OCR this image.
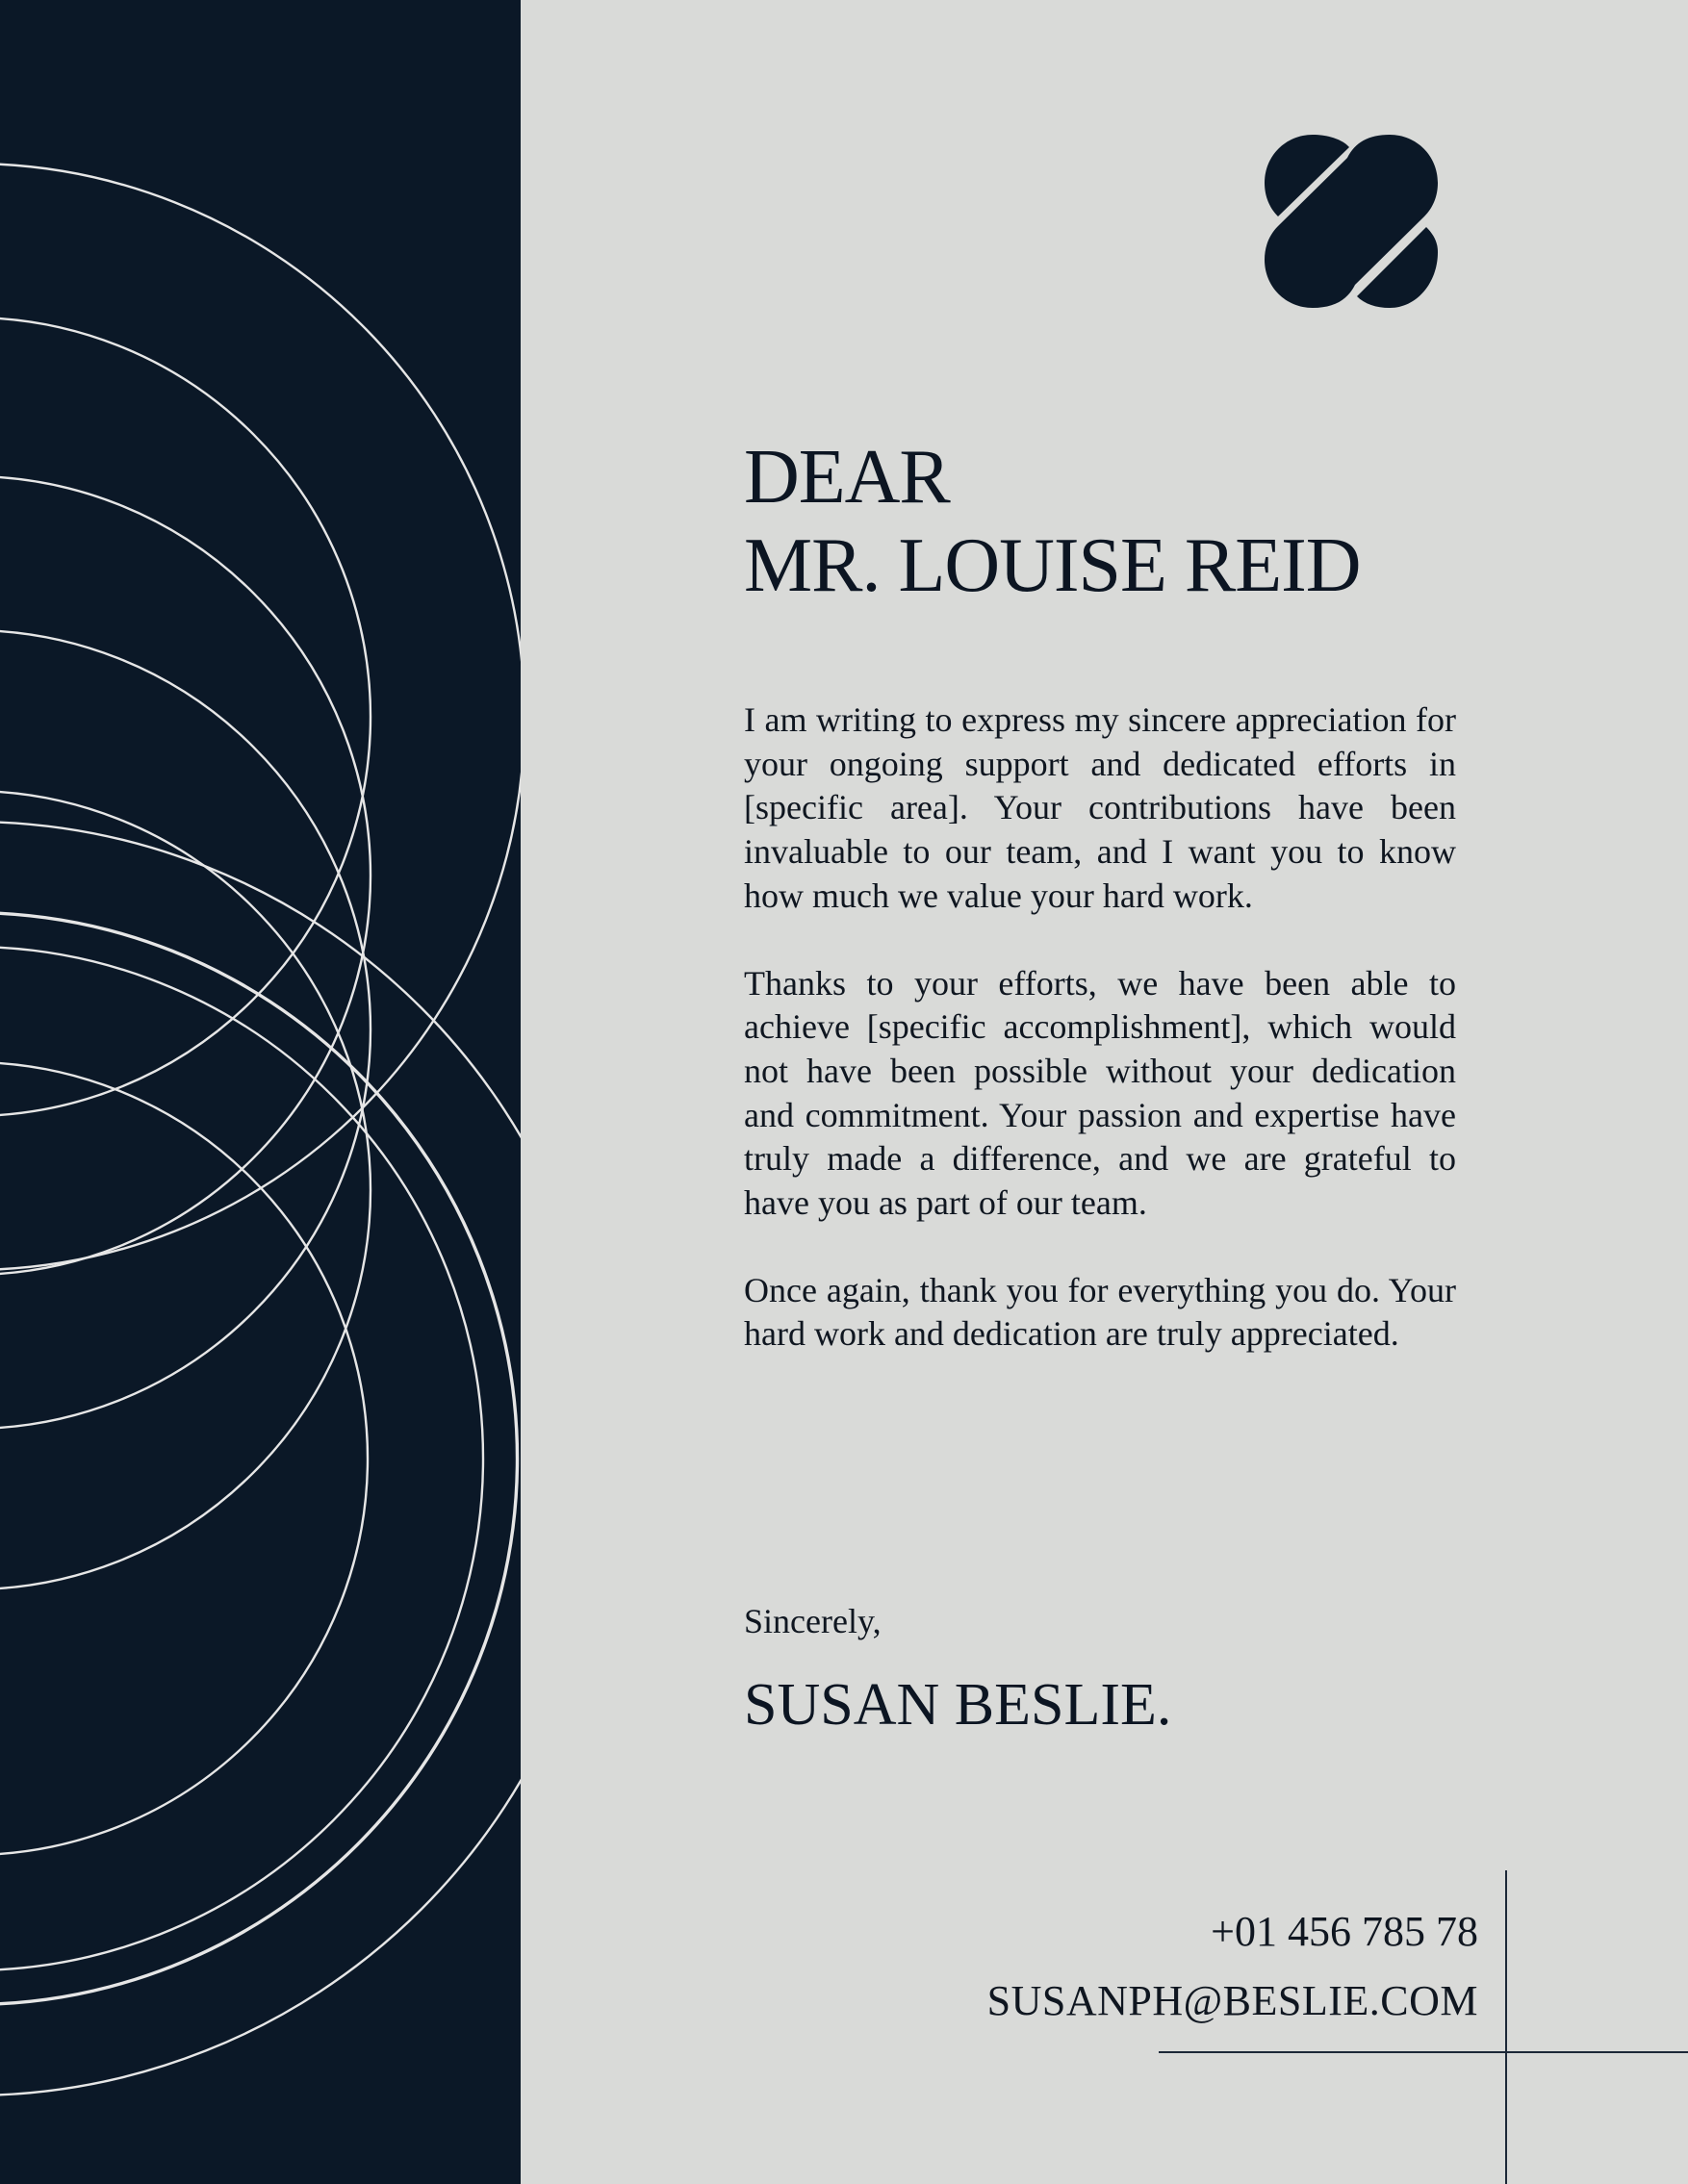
DEAR
MR. LOUISE REID

I am writing to express my sincere appreciation for your ongoing support and dedicated efforts in [specific area]. Your contributions have been invaluable to our team, and I want you to know how much we value your hard work.

Thanks to your efforts, we have been able to achieve [specific accomplishment], which would not have been possible without your dedication and commitment. Your passion and expertise have truly made a difference, and we are grateful to have you as part of our team.

Once again, thank you for everything you do. Your hard work and dedication are truly appreciated.

Sincerely,
SUSAN BESLIE.
+01 456 785 78
SUSANPH@BESLIE.COM
